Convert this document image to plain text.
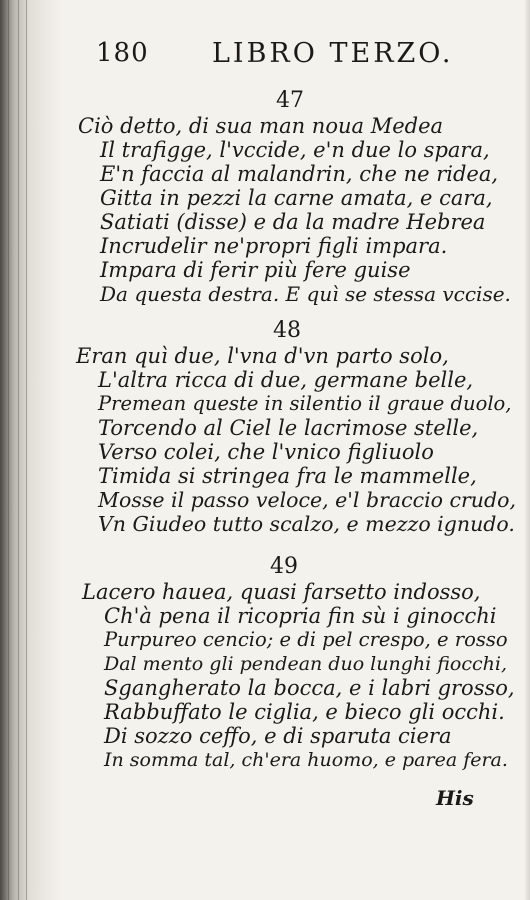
180 LIBRO TERZO.
47
Ciò detto, di sua man noua Medea
Il trafigge, l'vccide, e'n due lo spara,
E'n faccia al malandrin, che ne ridea,
Gitta in pezzi la carne amata, e cara,
Satiati (disse) e da la madre Hebrea
Incrudelir ne'propri figli impara.
Impara di ferir più fere guise
Da questa destra. E quì se stessa vccise.
48
Eran quì due, l'vna d'vn parto solo,
L'altra ricca di due, germane belle,
Premean queste in silentio il graue duolo,
Torcendo al Ciel le lacrimose stelle,
Verso colei, che l'vnico figliuolo
Timida si stringea fra le mammelle,
Mosse il passo veloce, e'l braccio crudo,
Vn Giudeo tutto scalzo, e mezzo ignudo.
49
Lacero hauea, quasi farsetto indosso,
Ch'à pena il ricopria fin sù i ginocchi
Purpureo cencio; e di pel crespo, e rosso
Dal mento gli pendean duo lunghi fiocchi,
Sgangherato la bocca, e i labri grosso,
Rabbuffato le ciglia, e bieco gli occhi.
Di sozzo ceffo, e di sparuta ciera
In somma tal, ch'era huomo, e parea fera.
His
